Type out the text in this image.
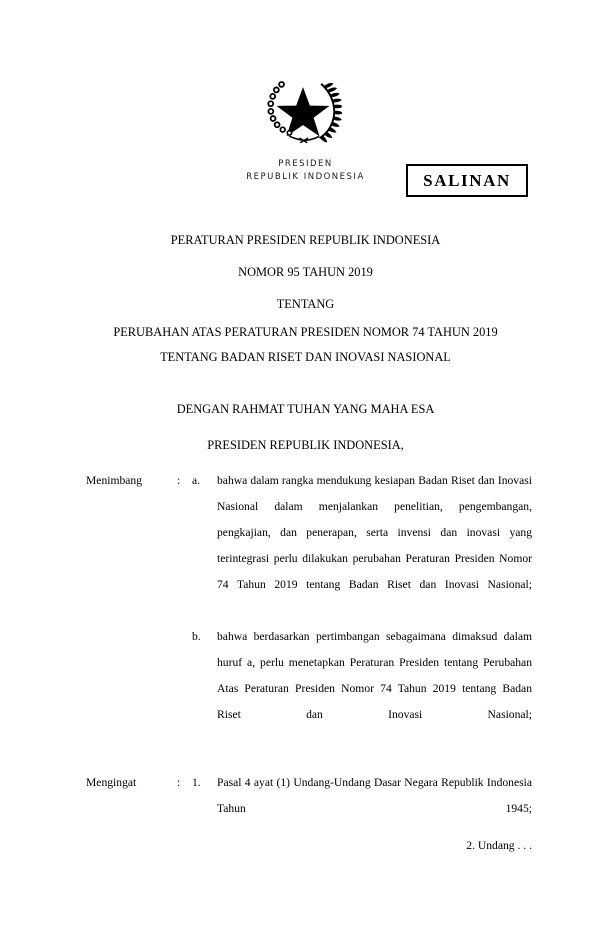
PRESIDEN
REPUBLIK INDONESIA	SALINAN
PERATURAN PRESIDEN REPUBLIK INDONESIA
NOMOR 95 TAHUN 2019
TENTANG
PERUBAHAN ATAS PERATURAN PRESIDEN NOMOR 74 TAHUN 2019
TENTANG BADAN RISET DAN INOVASI NASIONAL
DENGAN RAHMAT TUHAN YANG MAHA ESA
PRESIDEN REPUBLIK INDONESIA,
Menimbang	: a. bahwa dalam rangka mendukung kesiapan Badan Riset dan Inovasi Nasional dalam menjalankan penelitian, pengembangan, pengkajian, dan penerapan, serta invensi dan inovasi yang terintegrasi perlu dilakukan perubahan Peraturan Presiden Nomor 74 Tahun 2019 tentang Badan Riset dan Inovasi Nasional;
b. bahwa berdasarkan pertimbangan sebagaimana dimaksud dalam huruf a, perlu menetapkan Peraturan Presiden tentang Perubahan Atas Peraturan Presiden Nomor 74 Tahun 2019 tentang Badan Riset dan Inovasi Nasional;
Mengingat	: 1. Pasal 4 ayat (1) Undang-Undang Dasar Negara Republik Indonesia Tahun 1945;
2. Undang . . .
